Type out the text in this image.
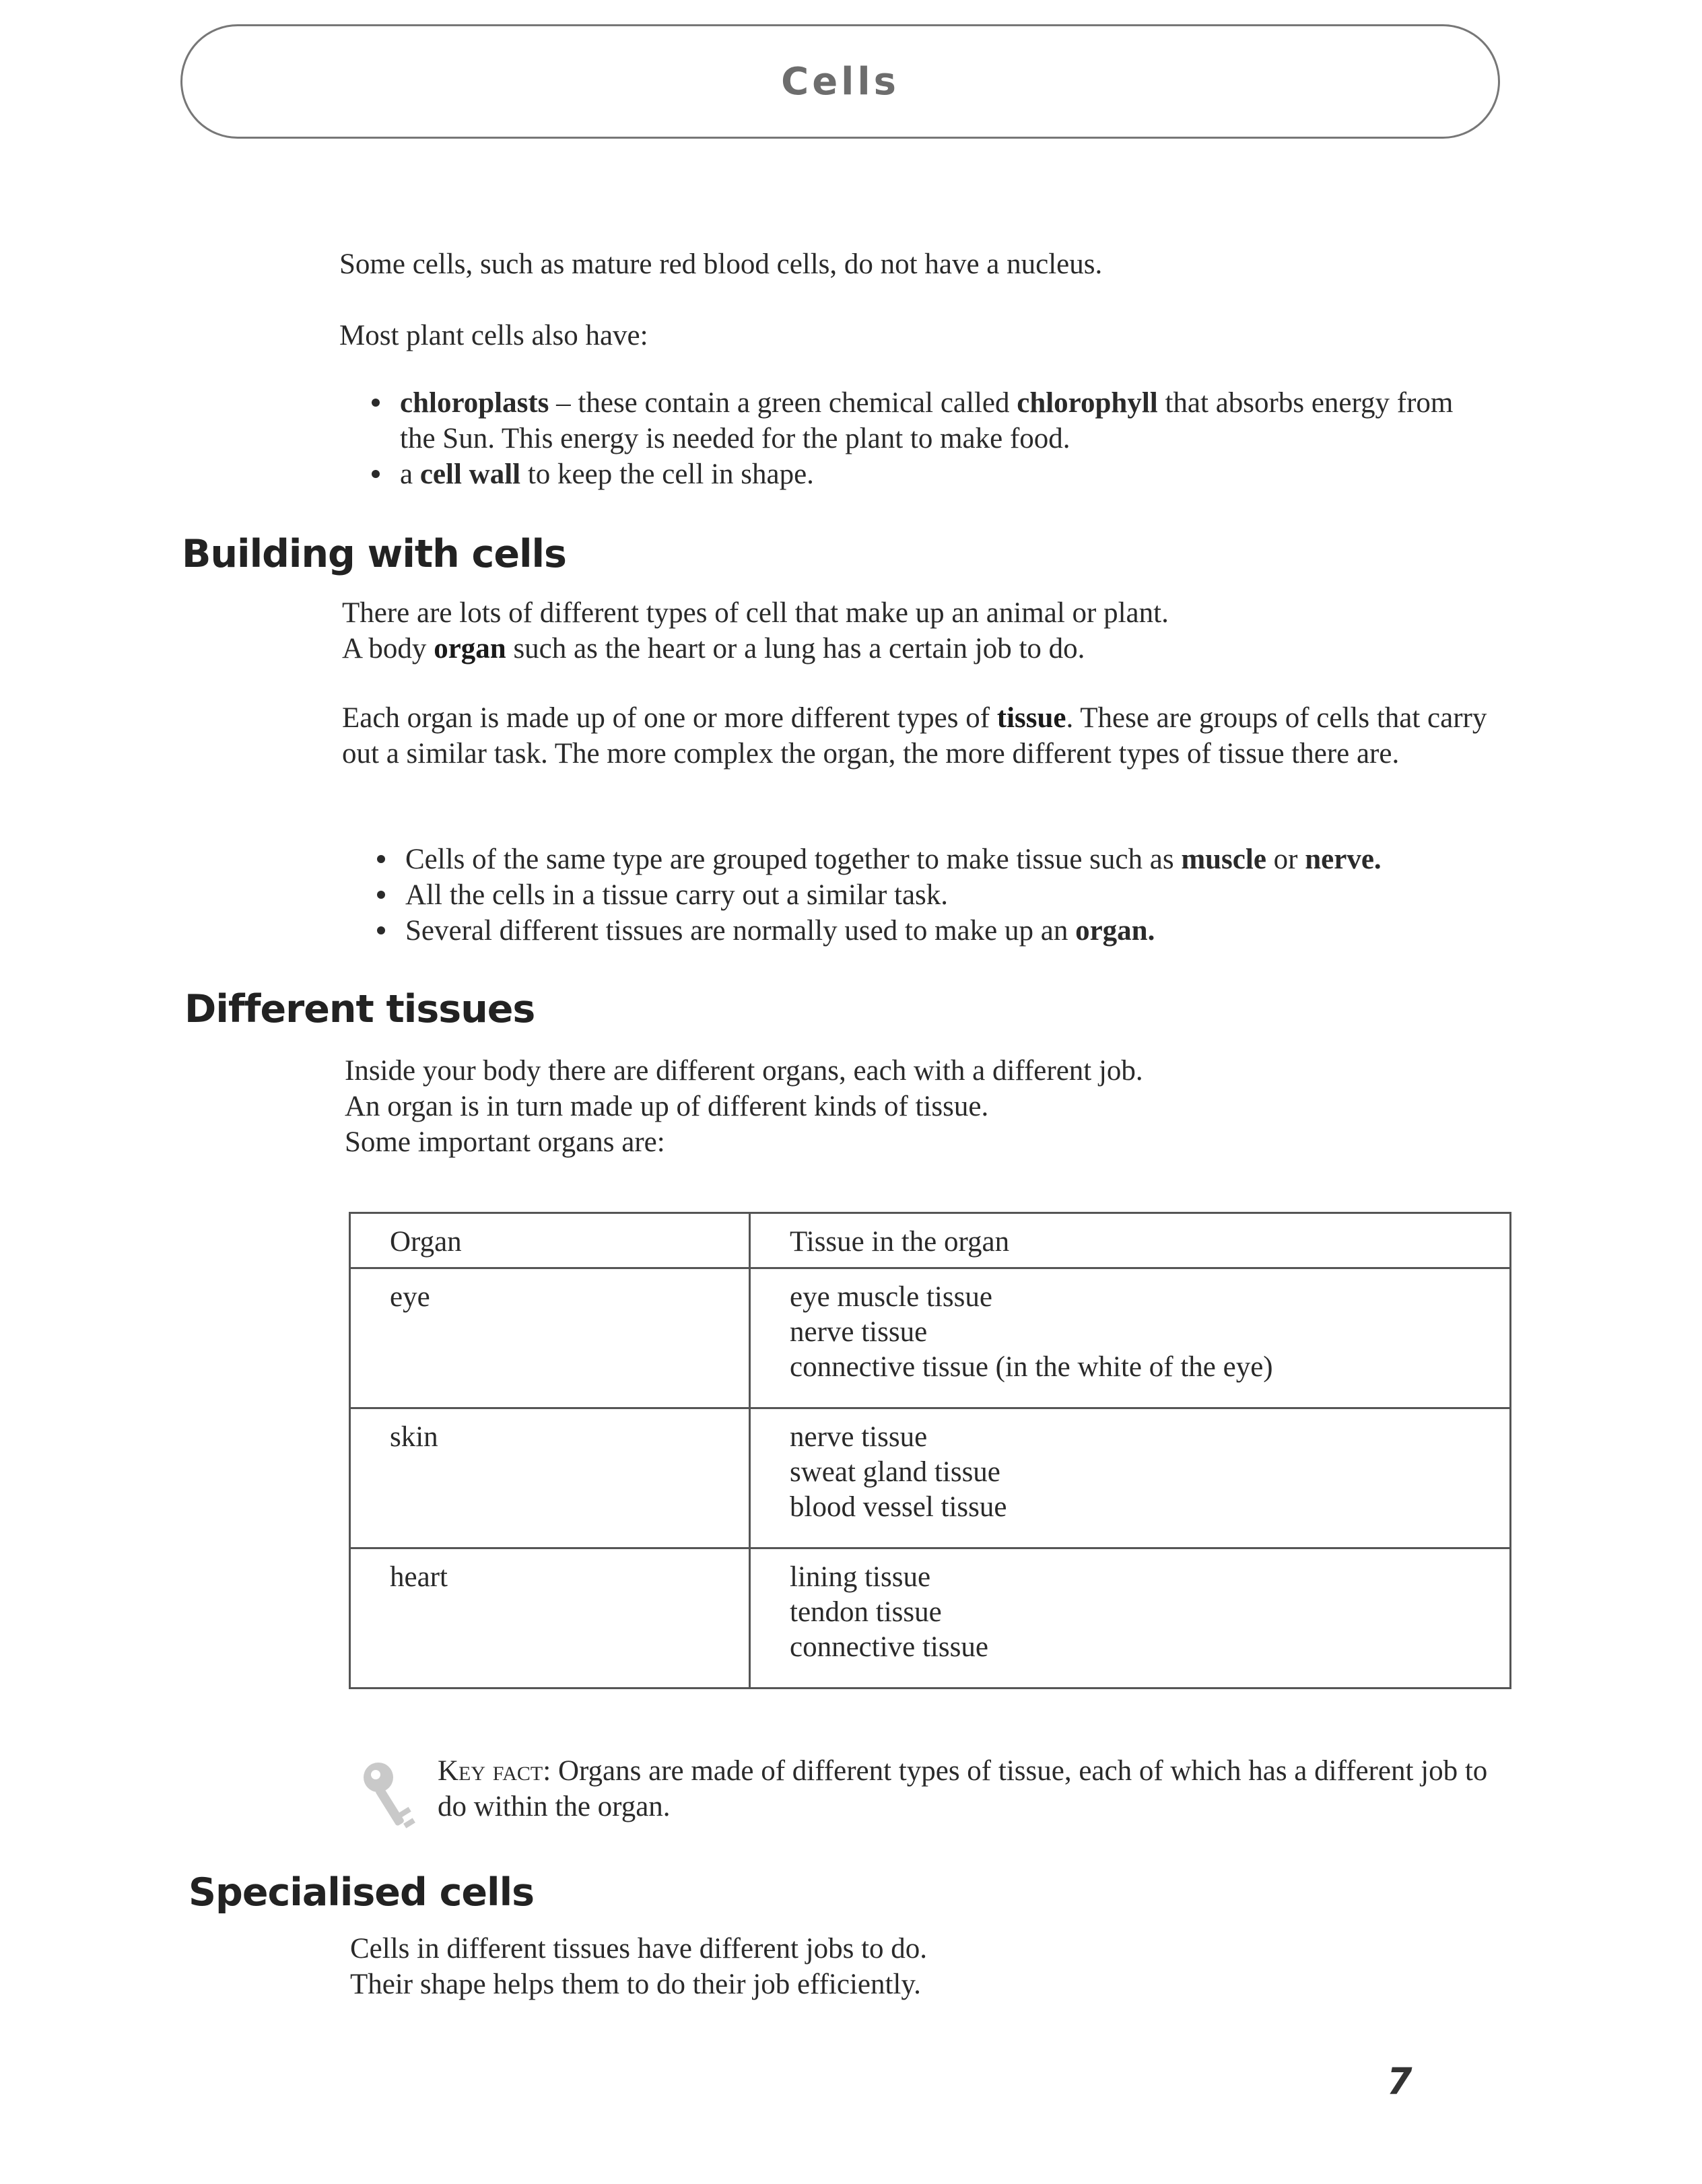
Cells
Some cells, such as mature red blood cells, do not have a nucleus.
Most plant cells also have:
chloroplasts – these contain a green chemical called chlorophyll that absorbs energy from the Sun. This energy is needed for the plant to make food.
a cell wall to keep the cell in shape.
Building with cells
There are lots of different types of cell that make up an animal or plant.
A body organ such as the heart or a lung has a certain job to do.
Each organ is made up of one or more different types of tissue. These are groups of cells that carry out a similar task. The more complex the organ, the more different types of tissue there are.
Cells of the same type are grouped together to make tissue such as muscle or nerve.
All the cells in a tissue carry out a similar task.
Several different tissues are normally used to make up an organ.
Different tissues
Inside your body there are different organs, each with a different job.
An organ is in turn made up of different kinds of tissue.
Some important organs are:
Organ	Tissue in the organ
eye	eye muscle tissue
nerve tissue
connective tissue (in the white of the eye)

skin	nerve tissue
sweat gland tissue
blood vessel tissue

heart	lining tissue
tendon tissue
connective tissue
Key fact: Organs are made of different types of tissue, each of which has a different job to do within the organ.
Specialised cells
Cells in different tissues have different jobs to do.
Their shape helps them to do their job efficiently.
7
